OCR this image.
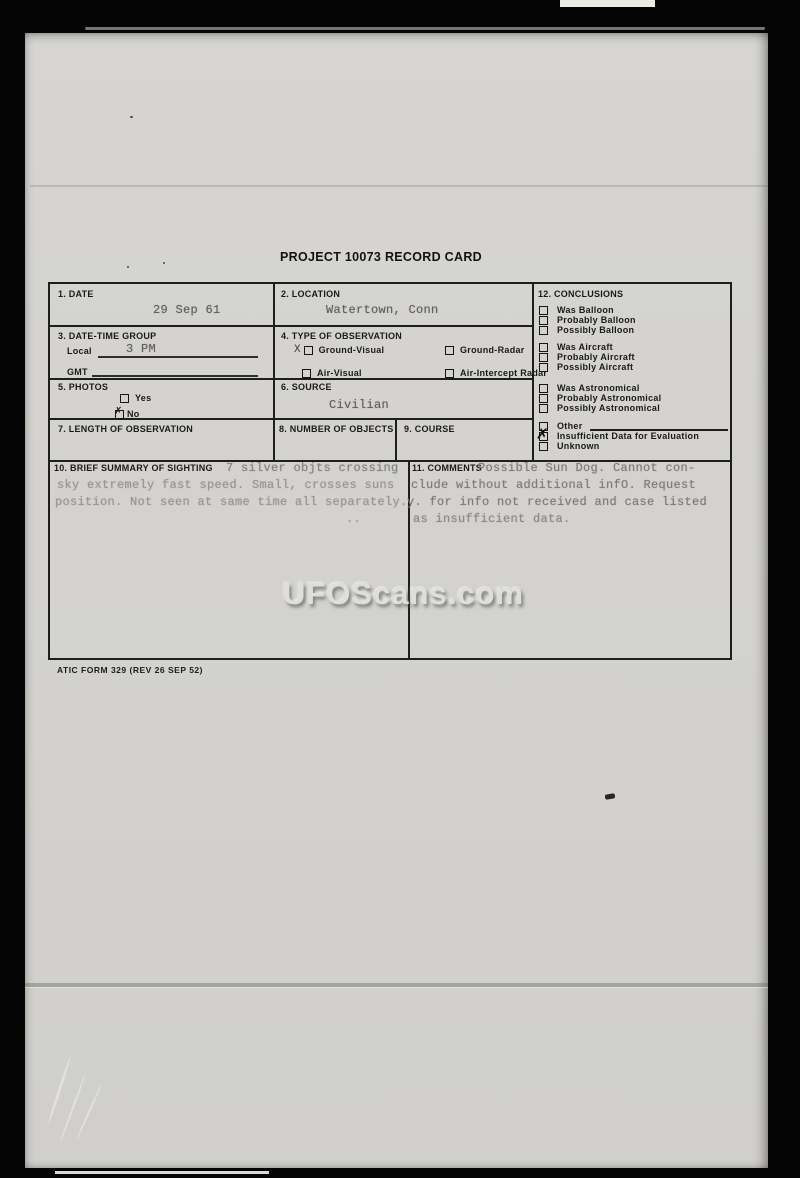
PROJECT 10073 RECORD CARD
1. DATE
29 Sep 61
2. LOCATION
Watertown, Conn
3. DATE-TIME GROUP
Local	3 PM
GMT
4. TYPE OF OBSERVATION
X Ground-Visual	Ground-Radar
Air-Visual	Air-Intercept Radar
5. PHOTOS
Yes
✗ No
6. SOURCE
Civilian
7. LENGTH OF OBSERVATION	8. NUMBER OF OBJECTS 9. COURSE
10. BRIEF SUMMARY OF SIGHTING 7 silver objts crossing
sky extremely fast speed. Small, crosses suns
position. Not seen at same time all separately.
..
11. COMMENTS
Possible Sun Dog. Cannot con-
clude without additional infO. Request
y. for info not received and case listed
as insufficient data.
12. CONCLUSIONS
Was Balloon
Probably Balloon
Possibly Balloon
Was Aircraft
Probably Aircraft
Possibly Aircraft
Was Astronomical
Probably Astronomical
Possibly Astronomical
Other
✗ Insufficient Data for Evaluation
Unknown
ATIC FORM 329 (REV 26 SEP 52)
UFOScans.com
